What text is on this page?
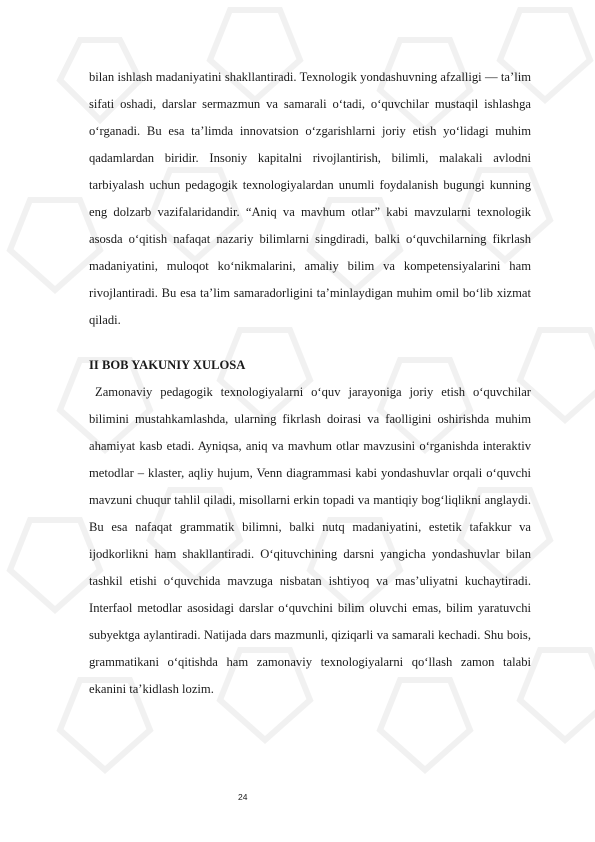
bilan ishlash madaniyatini shakllantiradi. Texnologik yondashuvning afzalligi — ta’lim sifati oshadi, darslar sermazmun va samarali o‘tadi, o‘quvchilar mustaqil ishlashga o‘rganadi. Bu esa ta’limda innovatsion o‘zgarishlarni joriy etish yo‘lidagi muhim qadamlardan biridir. Insoniy kapitalni rivojlantirish, bilimli, malakali avlodni tarbiyalash uchun pedagogik texnologiyalardan unumli foydalanish bugungi kunning eng dolzarb vazifalaridandir. “Aniq va mavhum otlar” kabi mavzularni texnologik asosda o‘qitish nafaqat nazariy bilimlarni singdiradi, balki o‘quvchilarning fikrlash madaniyatini, muloqot ko‘nikmalarini, amaliy bilim va kompetensiyalarini ham rivojlantiradi. Bu esa ta’lim samaradorligini ta’minlaydigan muhim omil bo‘lib xizmat qiladi.

II BOB YAKUNIY XULOSA

Zamonaviy pedagogik texnologiyalarni o‘quv jarayoniga joriy etish o‘quvchilar bilimini mustahkamlashda, ularning fikrlash doirasi va faolligini oshirishda muhim ahamiyat kasb etadi. Ayniqsa, aniq va mavhum otlar mavzusini o‘rganishda interaktiv metodlar – klaster, aqliy hujum, Venn diagrammasi kabi yondashuvlar orqali o‘quvchi mavzuni chuqur tahlil qiladi, misollarni erkin topadi va mantiqiy bog‘liqlikni anglaydi. Bu esa nafaqat grammatik bilimni, balki nutq madaniyatini, estetik tafakkur va ijodkorlikni ham shakllantiradi. O‘qituvchining darsni yangicha yondashuvlar bilan tashkil etishi o‘quvchida mavzuga nisbatan ishtiyoq va mas’uliyatni kuchaytiradi. Interfaol metodlar asosidagi darslar o‘quvchini bilim oluvchi emas, bilim yaratuvchi subyektga aylantiradi. Natijada dars mazmunli, qiziqarli va samarali kechadi. Shu bois, grammatikani o‘qitishda ham zamonaviy texnologiyalarni qo‘llash zamon talabi ekanini ta’kidlash lozim.

24
